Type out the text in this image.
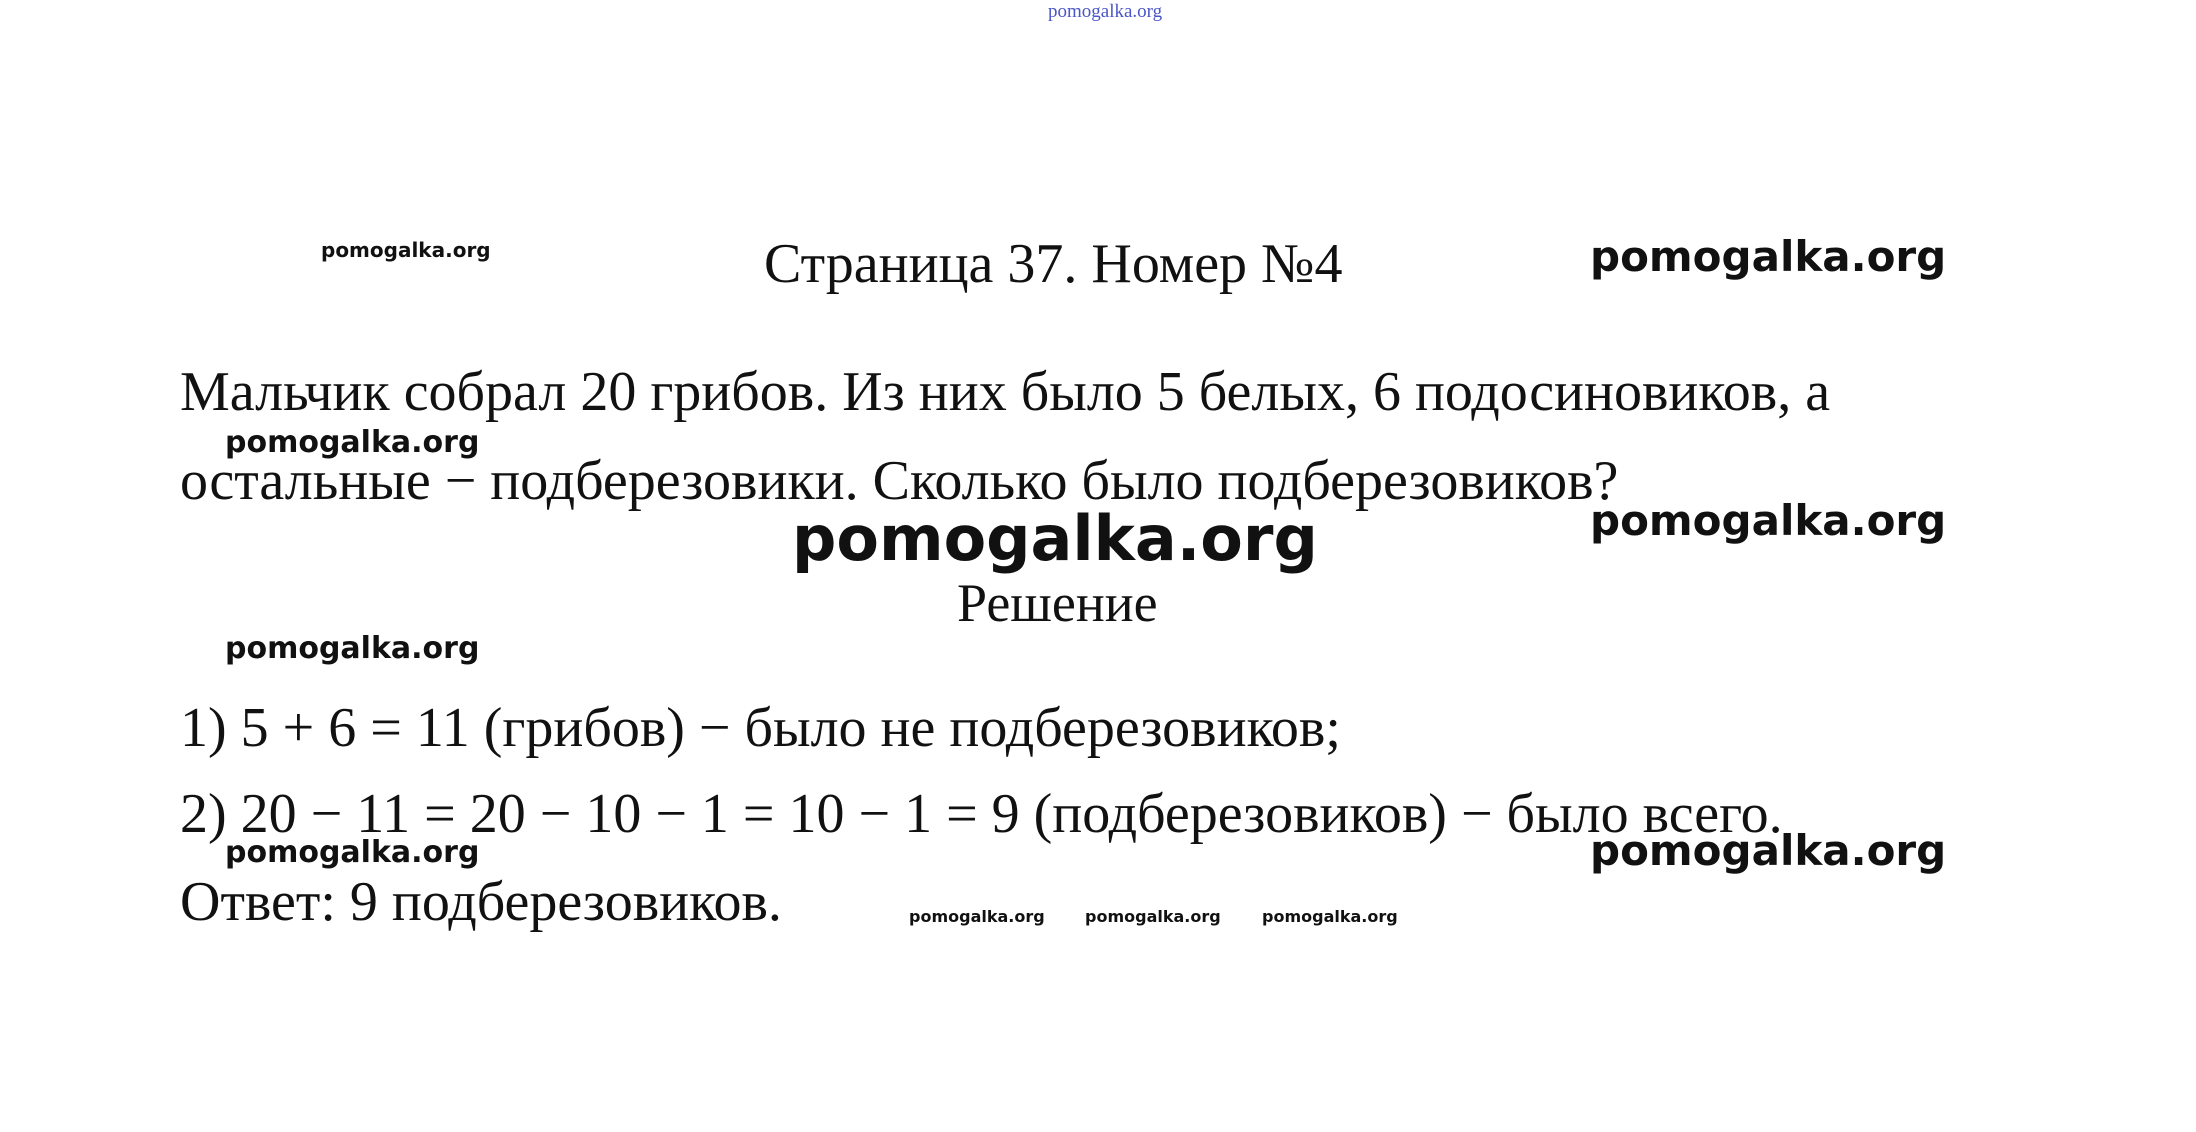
pomogalka.org
Страница 37. Номер №4
Мальчик собрал 20 грибов. Из них было 5 белых, 6 подосиновиков, а
остальные − подберезовики. Сколько было подберезовиков?
Решение
1) 5 + 6 = 11 (грибов) − было не подберезовиков;
2) 20 − 11 = 20 − 10 − 1 = 10 − 1 = 9 (подберезовиков) − было всего.
Ответ: 9 подберезовиков.
pomogalka.org	pomogalka.org
pomogalka.org
pomogalka.org	pomogalka.org
pomogalka.org
pomogalka.org	pomogalka.org
pomogalka.org	pomogalka.org	pomogalka.org
